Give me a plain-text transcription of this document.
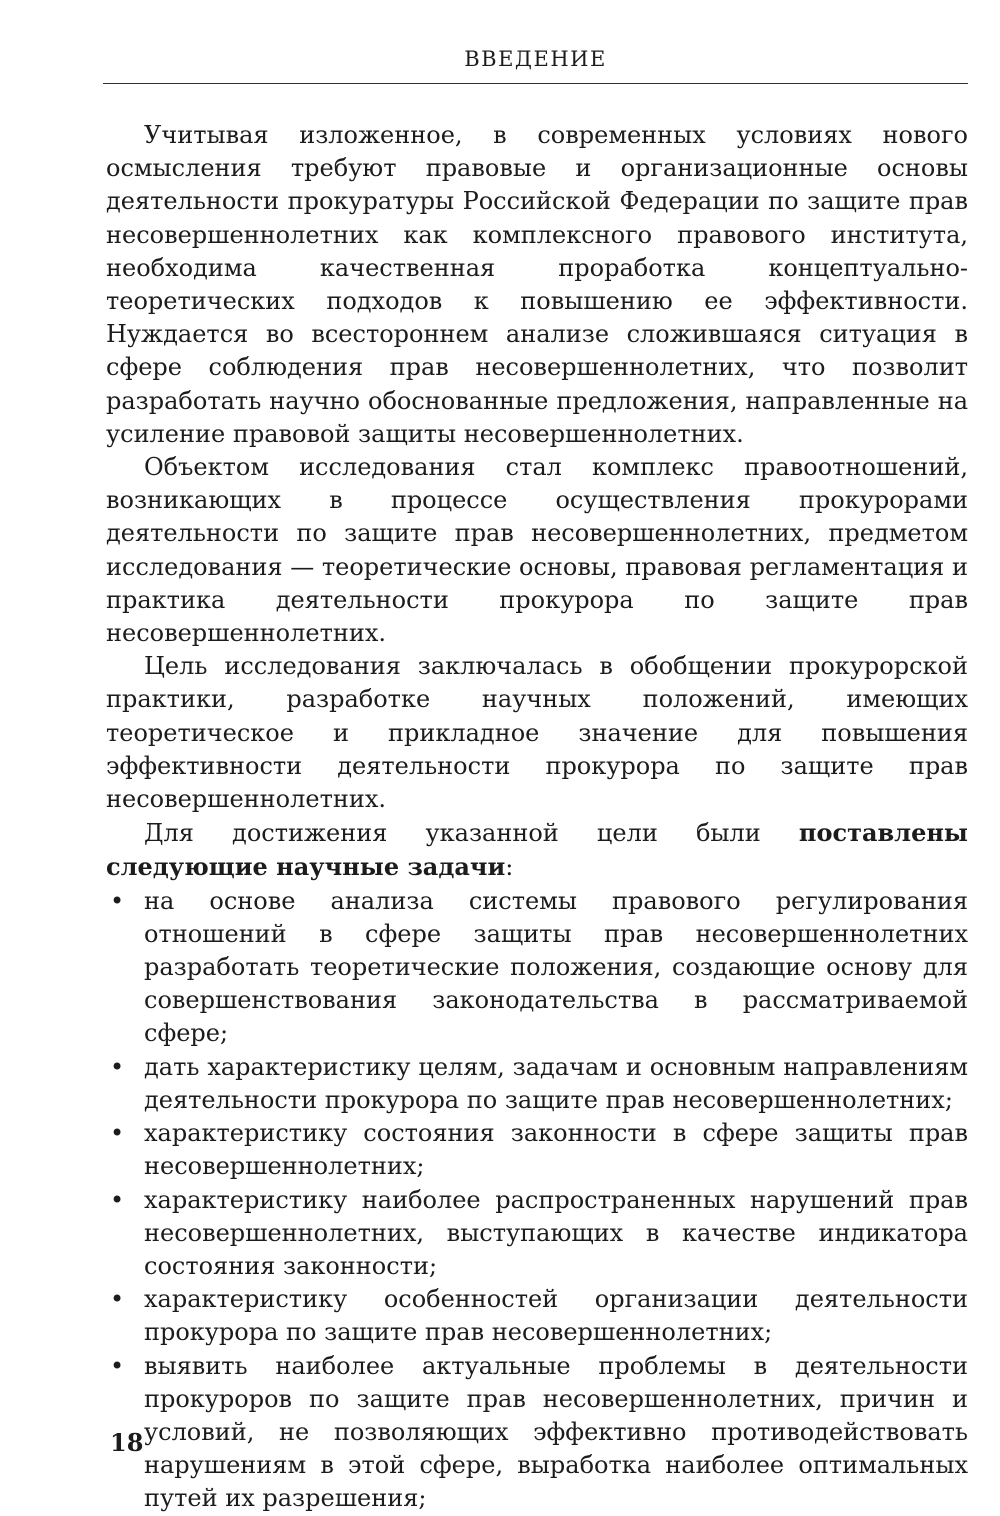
ВВЕДЕНИЕ

Учитывая изложенное, в современных условиях нового осмысления требуют правовые и организационные основы деятельности прокуратуры Российской Федерации по защите прав несовершеннолетних как комплексного правового института, необходима качественная проработка концептуально-теоретических подходов к повышению ее эффективности. Нуждается во всестороннем анализе сложившаяся ситуация в сфере соблюдения прав несовершеннолетних, что позволит разработать научно обоснованные предложения, направленные на усиление правовой защиты несовершеннолетних.

Объектом исследования стал комплекс правоотношений, возникающих в процессе осуществления прокурорами деятельности по защите прав несовершеннолетних, предметом исследования — теоретические основы, правовая регламентация и практика деятельности прокурора по защите прав несовершеннолетних.

Цель исследования заключалась в обобщении прокурорской практики, разработке научных положений, имеющих теоретическое и прикладное значение для повышения эффективности деятельности прокурора по защите прав несовершеннолетних.

Для достижения указанной цели были поставлены следующие научные задачи:

• на основе анализа системы правового регулирования отношений в сфере защиты прав несовершеннолетних разработать теоретические положения, создающие основу для совершенствования законодательства в рассматриваемой сфере;
• дать характеристику целям, задачам и основным направлениям деятельности прокурора по защите прав несовершеннолетних;
• характеристику состояния законности в сфере защиты прав несовершеннолетних;
• характеристику наиболее распространенных нарушений прав несовершеннолетних, выступающих в качестве индикатора состояния законности;
• характеристику особенностей организации деятельности прокурора по защите прав несовершеннолетних;
• выявить наиболее актуальные проблемы в деятельности прокуроров по защите прав несовершеннолетних, причин и условий, не позволяющих эффективно противодействовать нарушениям в этой сфере, выработка наиболее оптимальных путей их разрешения;
18
